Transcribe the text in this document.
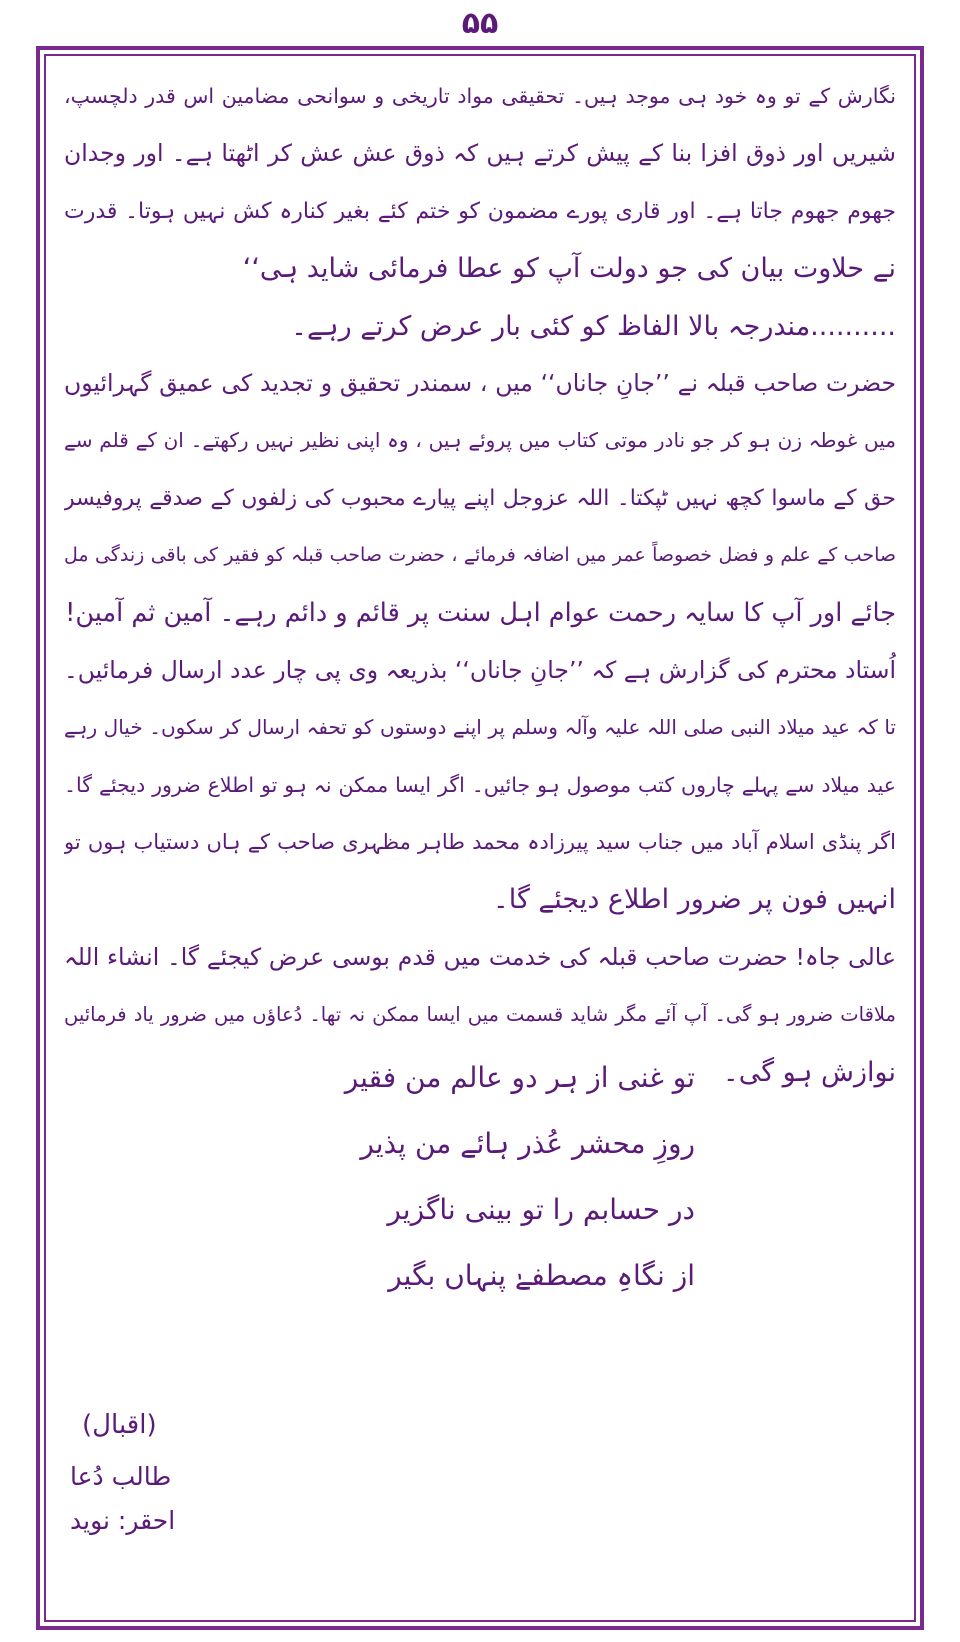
۵۵
نگارش کے تو وہ خود ہی موجد ہیں۔ تحقیقی مواد تاریخی و سوانحی مضامین اس قدر دلچسپ،
شیریں اور ذوق افزا بنا کے پیش کرتے ہیں کہ ذوق عش عش کر اٹھتا ہے۔ اور وجدان
جھوم جھوم جاتا ہے۔ اور قاری پورے مضمون کو ختم کئے بغیر کنارہ کش نہیں ہوتا۔ قدرت
نے حلاوت بیان کی جو دولت آپ کو عطا فرمائی شاید ہی‘‘
..........مندرجہ بالا الفاظ کو کئی بار عرض کرتے رہے۔
حضرت صاحب قبلہ نے ’’جانِ جاناں‘‘ میں ، سمندر تحقیق و تجدید کی عمیق گہرائیوں
میں غوطہ زن ہو کر جو نادر موتی کتاب میں پروئے ہیں ، وہ اپنی نظیر نہیں رکھتے۔ ان کے قلم سے
حق کے ماسوا کچھ نہیں ٹپکتا۔ اللہ عزوجل اپنے پیارے محبوب کی زلفوں کے صدقے پروفیسر
صاحب کے علم و فضل خصوصاً عمر میں اضافہ فرمائے ، حضرت صاحب قبلہ کو فقیر کی باقی زندگی مل
جائے اور آپ کا سایہ رحمت عوام اہل سنت پر قائم و دائم رہے۔ آمین ثم آمین!
اُستاد محترم کی گزارش ہے کہ ’’جانِ جاناں‘‘ بذریعہ وی پی چار عدد ارسال فرمائیں۔
تا کہ عید میلاد النبی صلی اللہ علیہ وآلہ وسلم پر اپنے دوستوں کو تحفہ ارسال کر سکوں۔ خیال رہے
عید میلاد سے پہلے چاروں کتب موصول ہو جائیں۔ اگر ایسا ممکن نہ ہو تو اطلاع ضرور دیجئے گا۔
اگر پنڈی اسلام آباد میں جناب سید پیرزادہ محمد طاہر مظہری صاحب کے ہاں دستیاب ہوں تو
انہیں فون پر ضرور اطلاع دیجئے گا۔
عالی جاہ! حضرت صاحب قبلہ کی خدمت میں قدم بوسی عرض کیجئے گا۔ انشاء اللہ
ملاقات ضرور ہو گی۔ آپ آئے مگر شاید قسمت میں ایسا ممکن نہ تھا۔ دُعاؤں میں ضرور یاد فرمائیں
نوازش ہو گی۔
تو غنی از ہر دو عالم من فقیر
روزِ محشر عُذر ہائے من پذیر
در حسابم را تو بینی ناگزیر
از نگاہِ مصطفےٰ پنہاں بگیر
(اقبال)
طالب دُعا
احقر: نوید
